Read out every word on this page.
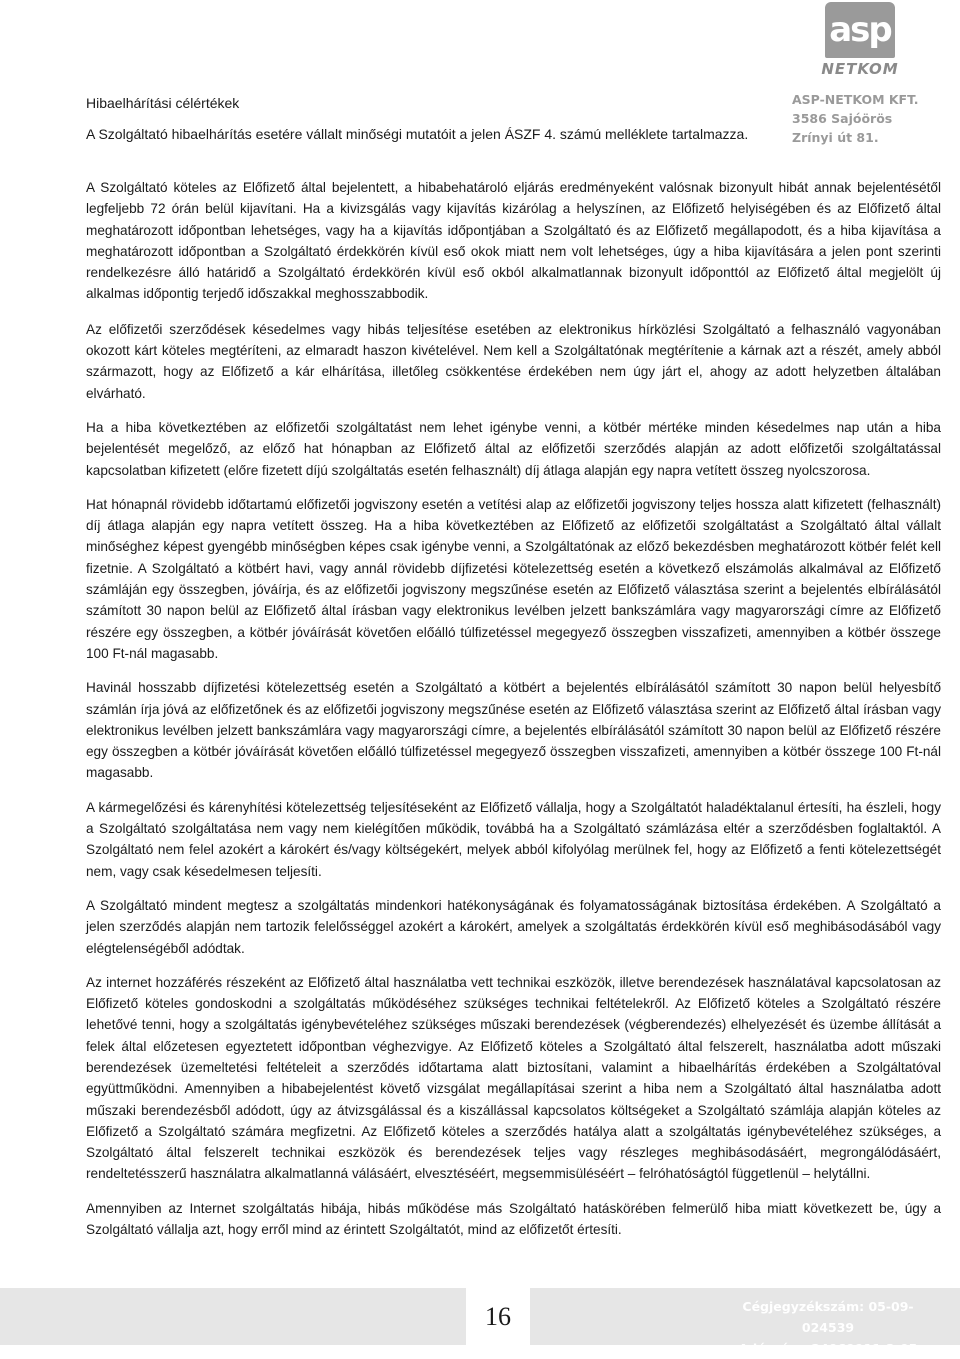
asp
NETKOM
ASP-NETKOM KFT.
3586 Sajóörös
Zrínyi út 81.
Hibaelhárítási célértékek
A Szolgáltató hibaelhárítás esetére vállalt minőségi mutatóit a jelen ÁSZF 4. számú melléklete tartalmazza.

A Szolgáltató köteles az Előfizető által bejelentett, a hibabehatároló eljárás eredményeként valósnak bizonyult hibát annak bejelentésétől legfeljebb 72 órán belül kijavítani. Ha a kivizsgálás vagy kijavítás kizárólag a helyszínen, az Előfizető helyiségében és az Előfizető által meghatározott időpontban lehetséges, vagy ha a kijavítás időpontjában a Szolgáltató és az Előfizető megállapodott, és a hiba kijavítása a meghatározott időpontban a Szolgáltató érdekkörén kívül eső okok miatt nem volt lehetséges, úgy a hiba kijavítására a jelen pont szerinti rendelkezésre álló határidő a Szolgáltató érdekkörén kívül eső okból alkalmatlannak bizonyult időponttól az Előfizető által megjelölt új alkalmas időpontig terjedő időszakkal meghosszabbodik.

Az előfizetői szerződések késedelmes vagy hibás teljesítése esetében az elektronikus hírközlési Szolgáltató a felhasználó vagyonában okozott kárt köteles megtéríteni, az elmaradt haszon kivételével. Nem kell a Szolgáltatónak megtérítenie a kárnak azt a részét, amely abból származott, hogy az Előfizető a kár elhárítása, illetőleg csökkentése érdekében nem úgy járt el, ahogy az adott helyzetben általában elvárható.

Ha a hiba következtében az előfizetői szolgáltatást nem lehet igénybe venni, a kötbér mértéke minden késedelmes nap után a hiba bejelentését megelőző, az előző hat hónapban az Előfizető által az előfizetői szerződés alapján az adott előfizetői szolgáltatással kapcsolatban kifizetett (előre fizetett díjú szolgáltatás esetén felhasznált) díj átlaga alapján egy napra vetített összeg nyolcszorosa.

Hat hónapnál rövidebb időtartamú előfizetői jogviszony esetén a vetítési alap az előfizetői jogviszony teljes hossza alatt kifizetett (felhasznált) díj átlaga alapján egy napra vetített összeg. Ha a hiba következtében az Előfizető az előfizetői szolgáltatást a Szolgáltató által vállalt minőséghez képest gyengébb minőségben képes csak igénybe venni, a Szolgáltatónak az előző bekezdésben meghatározott kötbér felét kell fizetnie. A Szolgáltató a kötbért havi, vagy annál rövidebb díjfizetési kötelezettség esetén a következő elszámolás alkalmával az Előfizető számláján egy összegben, jóváírja, és az előfizetői jogviszony megszűnése esetén az Előfizető választása szerint a bejelentés elbírálásától számított 30 napon belül az Előfizető által írásban vagy elektronikus levélben jelzett bankszámlára vagy magyarországi címre az Előfizető részére egy összegben, a kötbér jóváírását követően előálló túlfizetéssel megegyező összegben visszafizeti, amennyiben a kötbér összege 100 Ft-nál magasabb.

Havinál hosszabb díjfizetési kötelezettség esetén a Szolgáltató a kötbért a bejelentés elbírálásától számított 30 napon belül helyesbítő számlán írja jóvá az előfizetőnek és az előfizetői jogviszony megszűnése esetén az Előfizető választása szerint az Előfizető által írásban vagy elektronikus levélben jelzett bankszámlára vagy magyarországi címre, a bejelentés elbírálásától számított 30 napon belül az Előfizető részére egy összegben a kötbér jóváírását követően előálló túlfizetéssel megegyező összegben visszafizeti, amennyiben a kötbér összege 100 Ft-nál magasabb.

A kármegelőzési és kárenyhítési kötelezettség teljesítéseként az Előfizető vállalja, hogy a Szolgáltatót haladéktalanul értesíti, ha észleli, hogy a Szolgáltató szolgáltatása nem vagy nem kielégítően működik, továbbá ha a Szolgáltató számlázása eltér a szerződésben foglaltaktól. A Szolgáltató nem felel azokért a károkért és/vagy költségekért, melyek abból kifolyólag merülnek fel, hogy az Előfizető a fenti kötelezettségét nem, vagy csak késedelmesen teljesíti.

A Szolgáltató mindent megtesz a szolgáltatás mindenkori hatékonyságának és folyamatosságának biztosítása érdekében. A Szolgáltató a jelen szerződés alapján nem tartozik felelősséggel azokért a károkért, amelyek a szolgáltatás érdekkörén kívül eső meghibásodásából vagy elégtelenségéből adódtak.

Az internet hozzáférés részeként az Előfizető által használatba vett technikai eszközök, illetve berendezések használatával kapcsolatosan az Előfizető köteles gondoskodni a szolgáltatás működéséhez szükséges technikai feltételekről. Az Előfizető köteles a Szolgáltató részére lehetővé tenni, hogy a szolgáltatás igénybevételéhez szükséges műszaki berendezések (végberendezés) elhelyezését és üzembe állítását a felek által előzetesen egyeztetett időpontban véghezvigye. Az Előfizető köteles a Szolgáltató által felszerelt, használatba adott műszaki berendezések üzemeltetési feltételeit a szerződés időtartama alatt biztosítani, valamint a hibaelhárítás érdekében a Szolgáltatóval együttműködni. Amennyiben a hibabejelentést követő vizsgálat megállapításai szerint a hiba nem a Szolgáltató által használatba adott műszaki berendezésből adódott, úgy az átvizsgálással és a kiszállással kapcsolatos költségeket a Szolgáltató számlája alapján köteles az Előfizető a Szolgáltató számára megfizetni. Az Előfizető köteles a szerződés hatálya alatt a szolgáltatás igénybevételéhez szükséges, a Szolgáltató által felszerelt technikai eszközök és berendezések teljes vagy részleges meghibásodásáért, megrongálódásáért, rendeltetésszerű használatra alkalmatlanná válásáért, elvesztéséért, megsemmisüléséért – felróhatóságtól függetlenül – helytállni.

Amennyiben az Internet szolgáltatás hibája, hibás működése más Szolgáltató hatáskörében felmerülő hiba miatt következett be, úgy a Szolgáltató vállalja azt, hogy erről mind az érintett Szolgáltatót, mind az előfizetőt értesíti.

16	Cégjegyzékszám: 05-09-024539
Adószám: 24069911-2-05
